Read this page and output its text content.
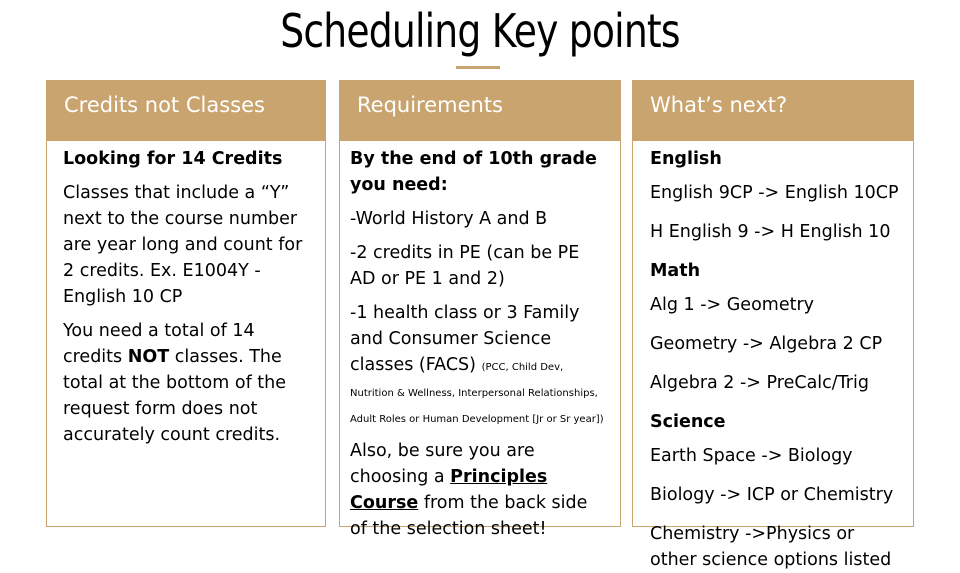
Scheduling Key points
Credits not Classes

Looking for 14 Credits

Classes that include a “Y” next to the course number are year long and count for 2 credits. Ex. E1004Y - English 10 CP

You need a total of 14 credits NOT classes. The total at the bottom of the request form does not accurately count credits.

Requirements

By the end of 10th grade you need:

-World History A and B

-2 credits in PE (can be PE AD or PE 1 and 2)

-1 health class or 3 Family and Consumer Science classes (FACS) (PCC, Child Dev, Nutrition & Wellness, Interpersonal Relationships, Adult Roles or Human Development [Jr or Sr year])

Also, be sure you are choosing a Principles Course from the back side of the selection sheet!

What’s next?

English

English 9CP -> English 10CP

H English 9 -> H English 10

Math

Alg 1 -> Geometry

Geometry -> Algebra 2 CP

Algebra 2 -> PreCalc/Trig

Science

Earth Space -> Biology

Biology -> ICP or Chemistry

Chemistry ->Physics or other science options listed
